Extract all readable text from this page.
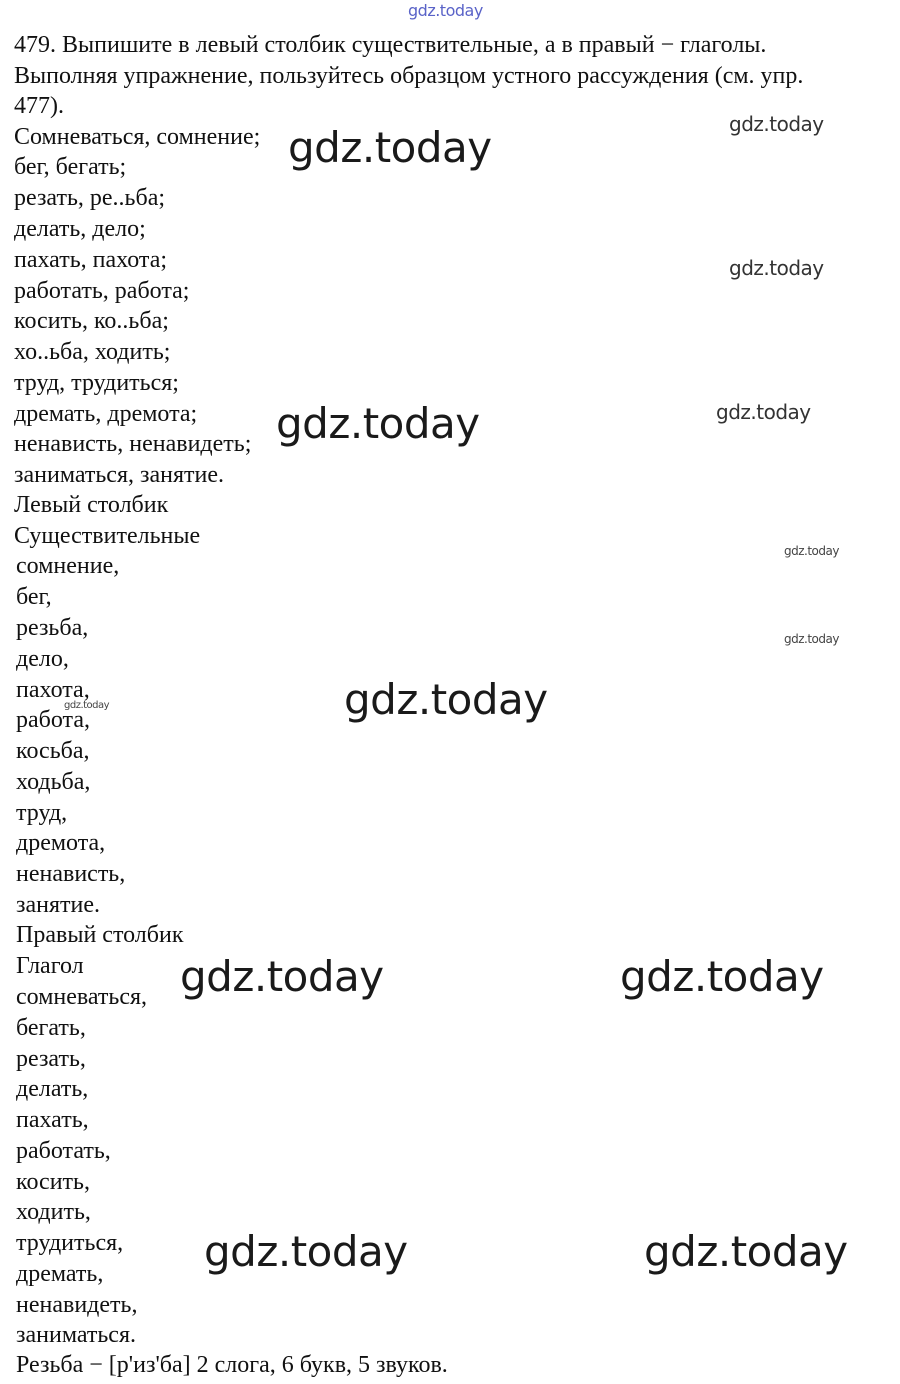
gdz.today
479. Выпишите в левый столбик существительные, а в правый − глаголы.
Выполняя упражнение, пользуйтесь образцом устного рассуждения (см. упр.
477).
Сомневаться, сомнение;
бег, бегать;
резать, ре..ьба;
делать, дело;
пахать, пахота;
работать, работа;
косить, ко..ьба;
хо..ьба, ходить;
труд, трудиться;
дремать, дремота;
ненависть, ненавидеть;
заниматься, занятие.
Левый столбик
Существительные
сомнение,
бег,
резьба,
дело,
пахота,
работа,
косьба,
ходьба,
труд,
дремота,
ненависть,
занятие.
Правый столбик
Глагол
сомневаться,
бегать,
резать,
делать,
пахать,
работать,
косить,
ходить,
трудиться,
дремать,
ненавидеть,
заниматься.
Резьба − [р'из'ба] 2 слога, 6 букв, 5 звуков.
gdz.today	gdz.today
gdz.today
gdz.today	gdz.today
gdz.today
gdz.today
gdz.today
gdz.today
gdz.today	gdz.today
gdz.today	gdz.today
